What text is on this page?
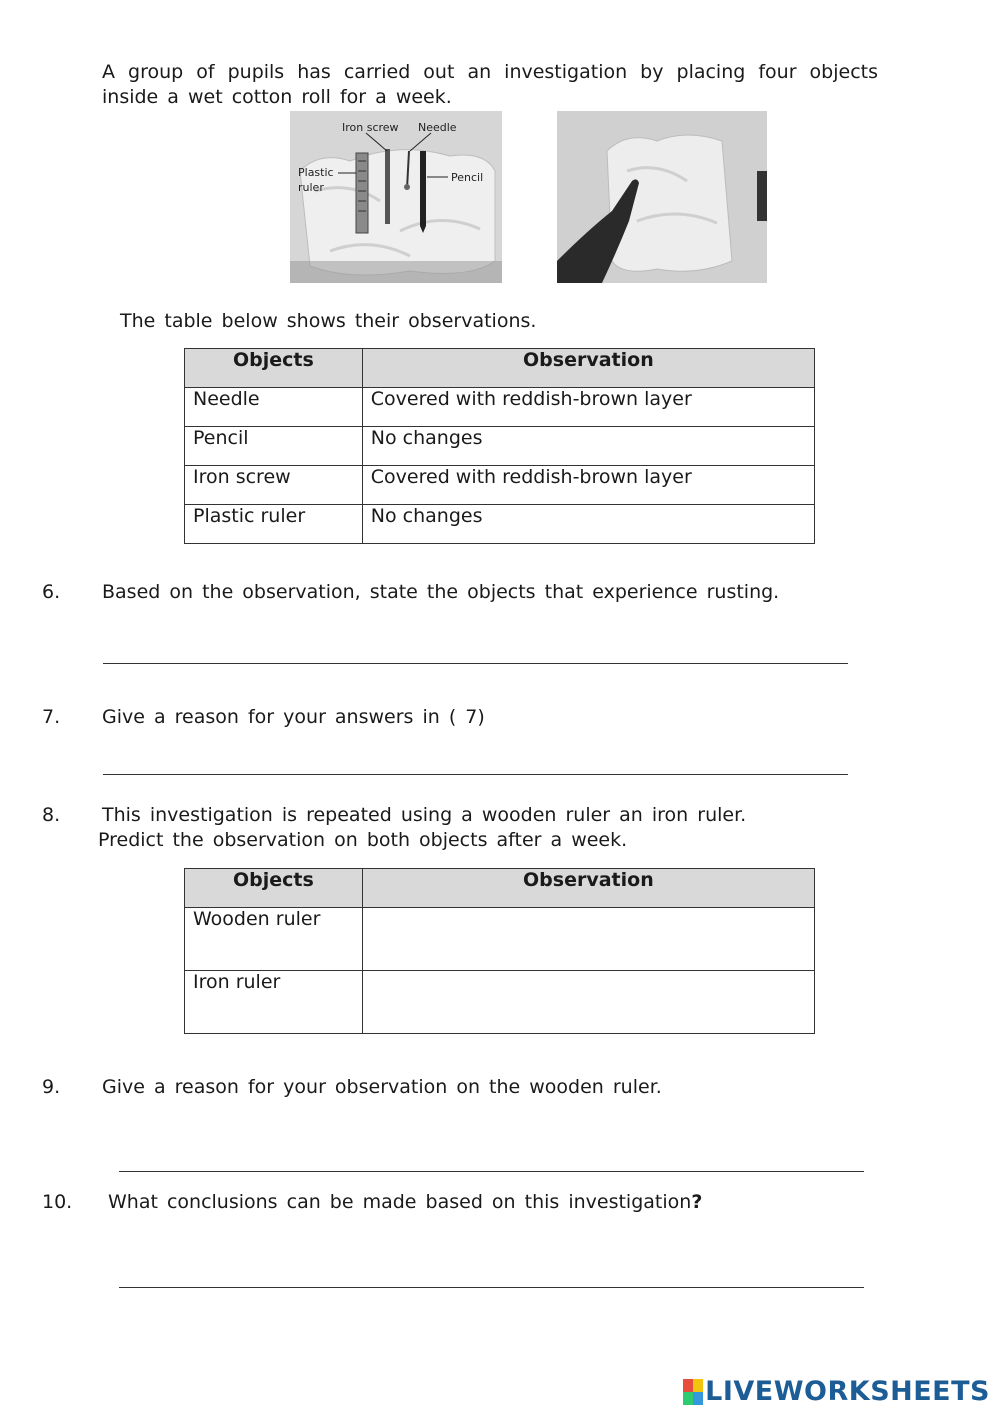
A group of pupils has carried out an investigation by placing four objects

inside a wet cotton roll for a week.

Iron screw Needle
Plastic
ruler
Pencil
The table below shows their observations.
Objects	Observation
Needle	Covered with reddish-brown layer
Pencil	No changes
Iron screw	Covered with reddish-brown layer
Plastic ruler	No changes
6. Based on the observation, state the objects that experience rusting.
7. Give a reason for your answers in ( 7)
8. This investigation is repeated using a wooden ruler an iron ruler.
Predict the observation on both objects after a week.
Objects	Observation
Wooden ruler	
Iron ruler	
9. Give a reason for your observation on the wooden ruler.
10. What conclusions can be made based on this investigation?
LIVEWORKSHEETS
